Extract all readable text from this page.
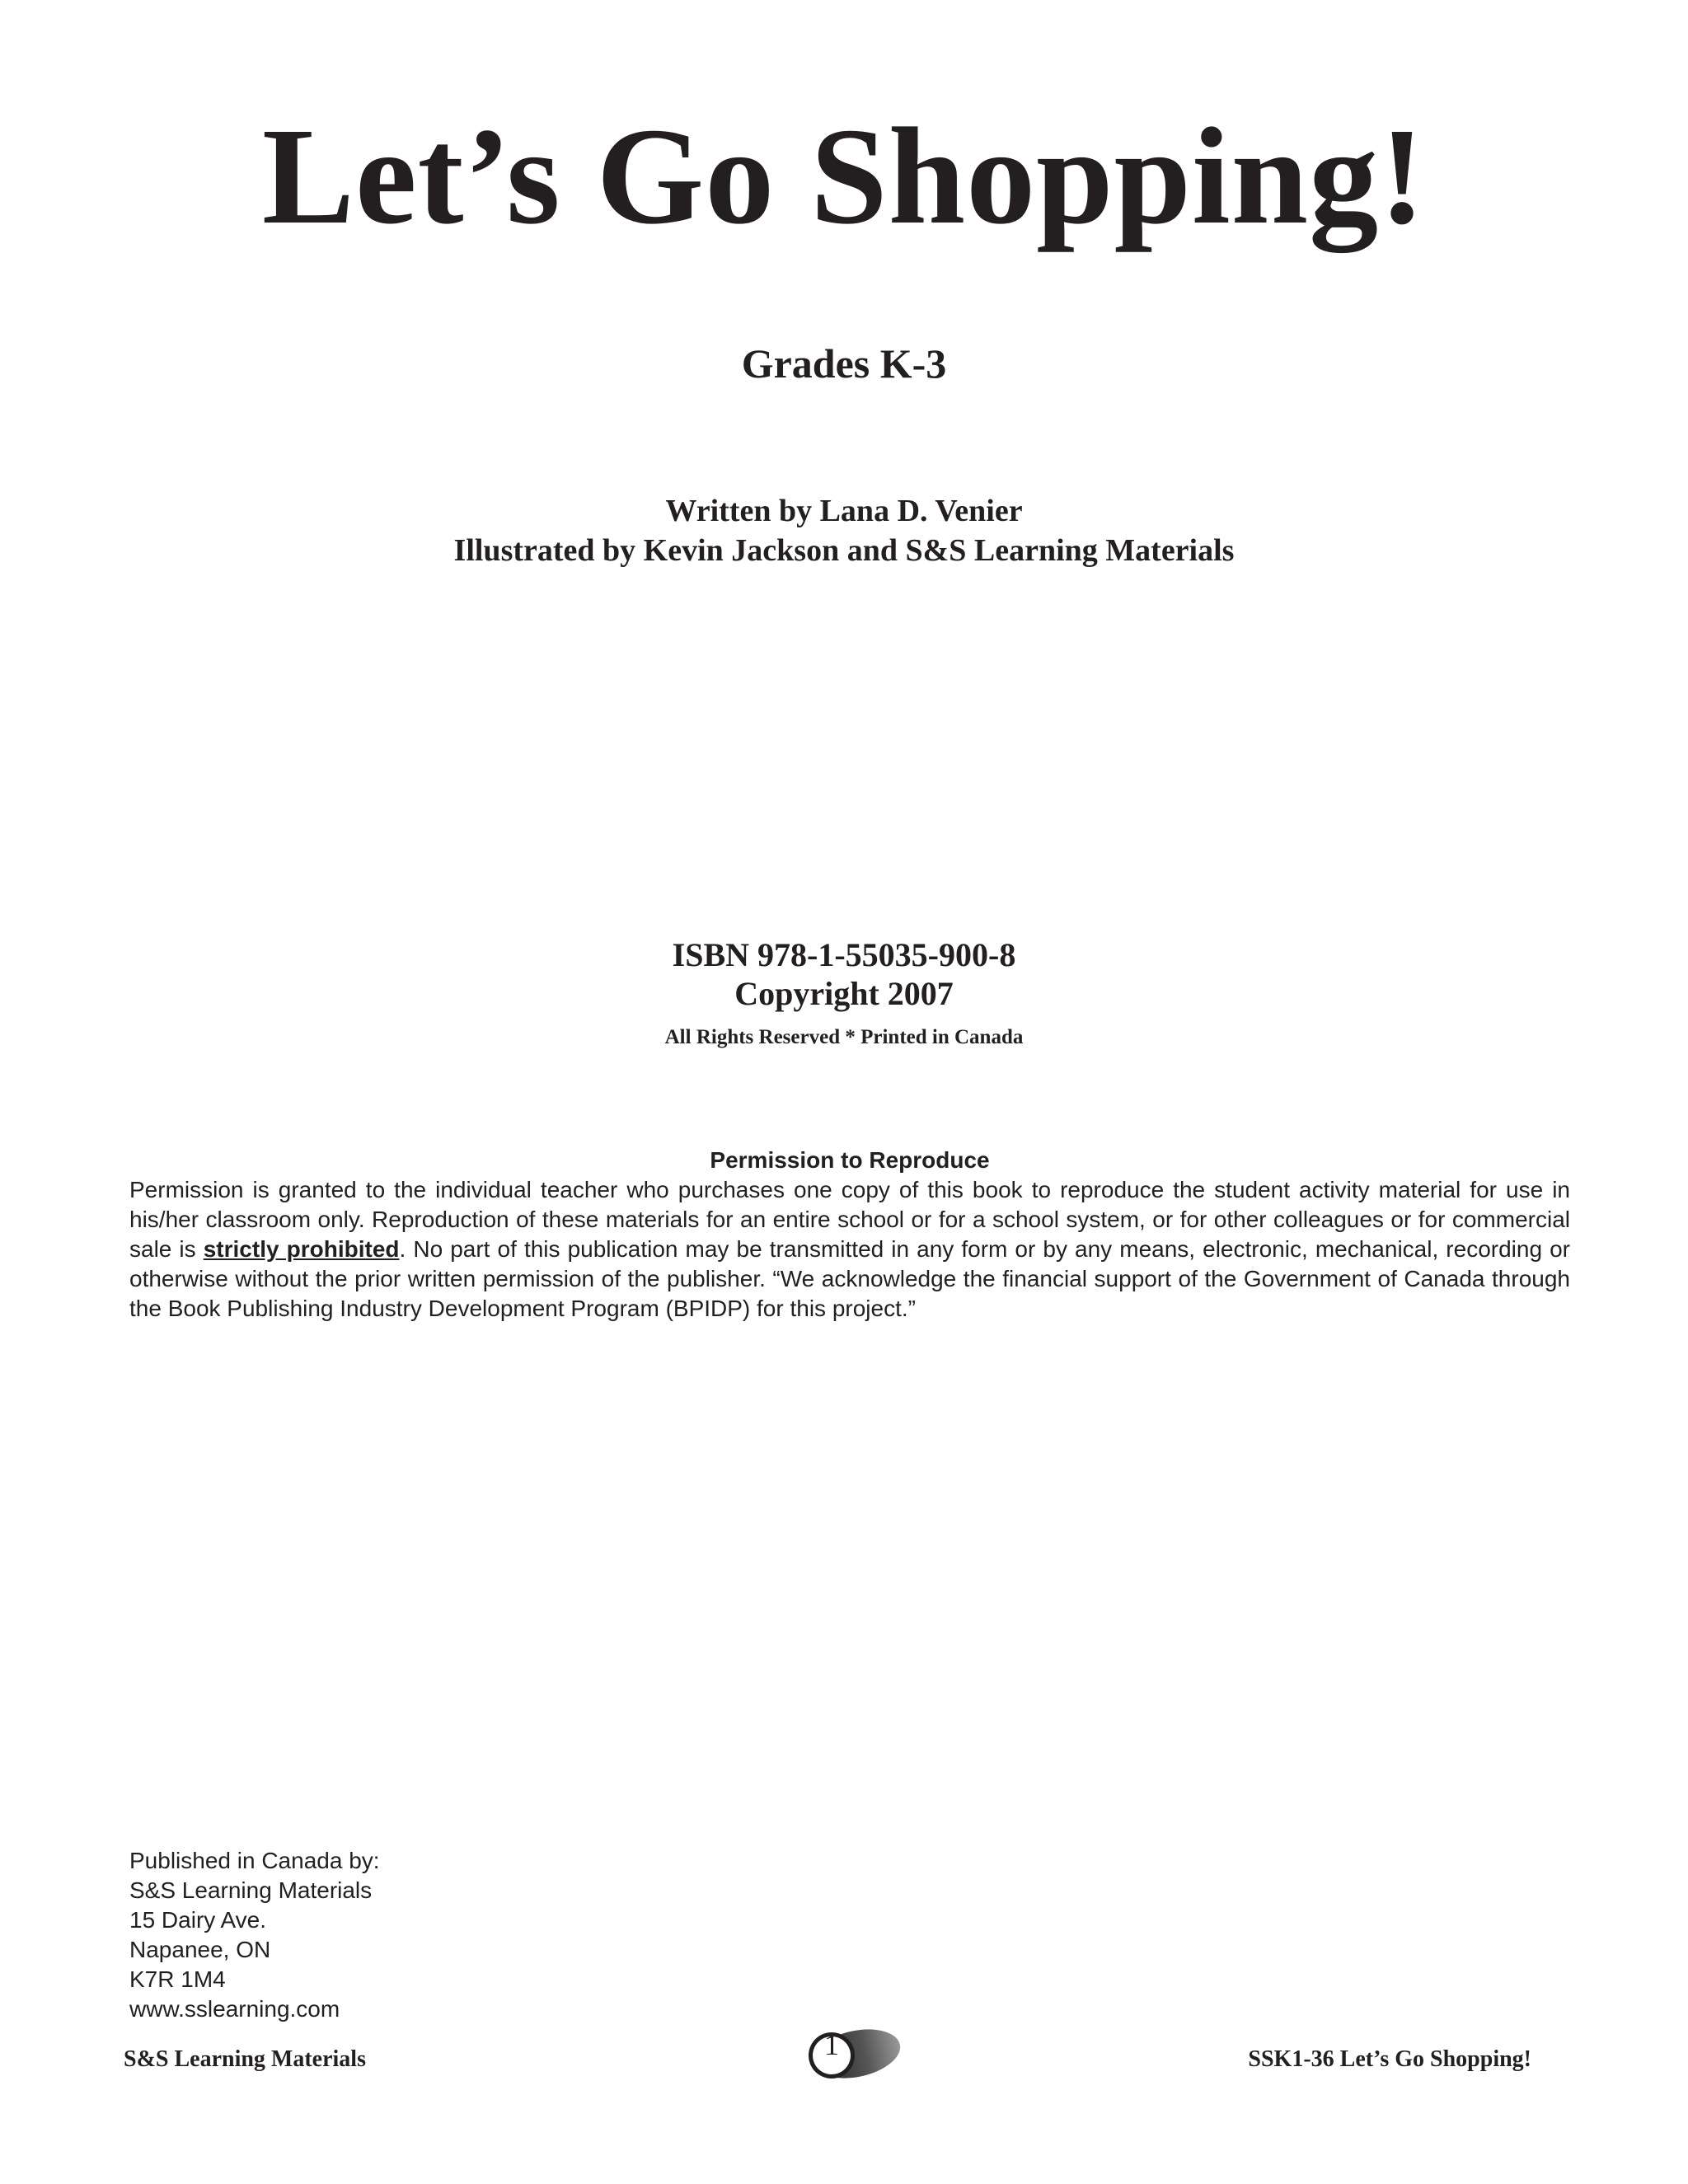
Let’s Go Shopping!
Grades K-3
Written by Lana D. Venier
Illustrated by Kevin Jackson and S&S Learning Materials
ISBN 978-1-55035-900-8
Copyright 2007
All Rights Reserved * Printed in Canada
Permission to Reproduce
Permission is granted to the individual teacher who purchases one copy of this book to reproduce the student activity material for use in his/her classroom only. Reproduction of these materials for an entire school or for a school system, or for other colleagues or for commercial sale is strictly prohibited. No part of this publication may be transmitted in any form or by any means, electronic, mechanical, recording or otherwise without the prior written permission of the publisher. “We acknowledge the financial support of the Government of Canada through the Book Publishing Industry Development Program (BPIDP) for this project.”
Published in Canada by:
S&S Learning Materials
15 Dairy Ave.
Napanee, ON
K7R 1M4
www.sslearning.com
S&S Learning Materials	1	SSK1-36 Let’s Go Shopping!
